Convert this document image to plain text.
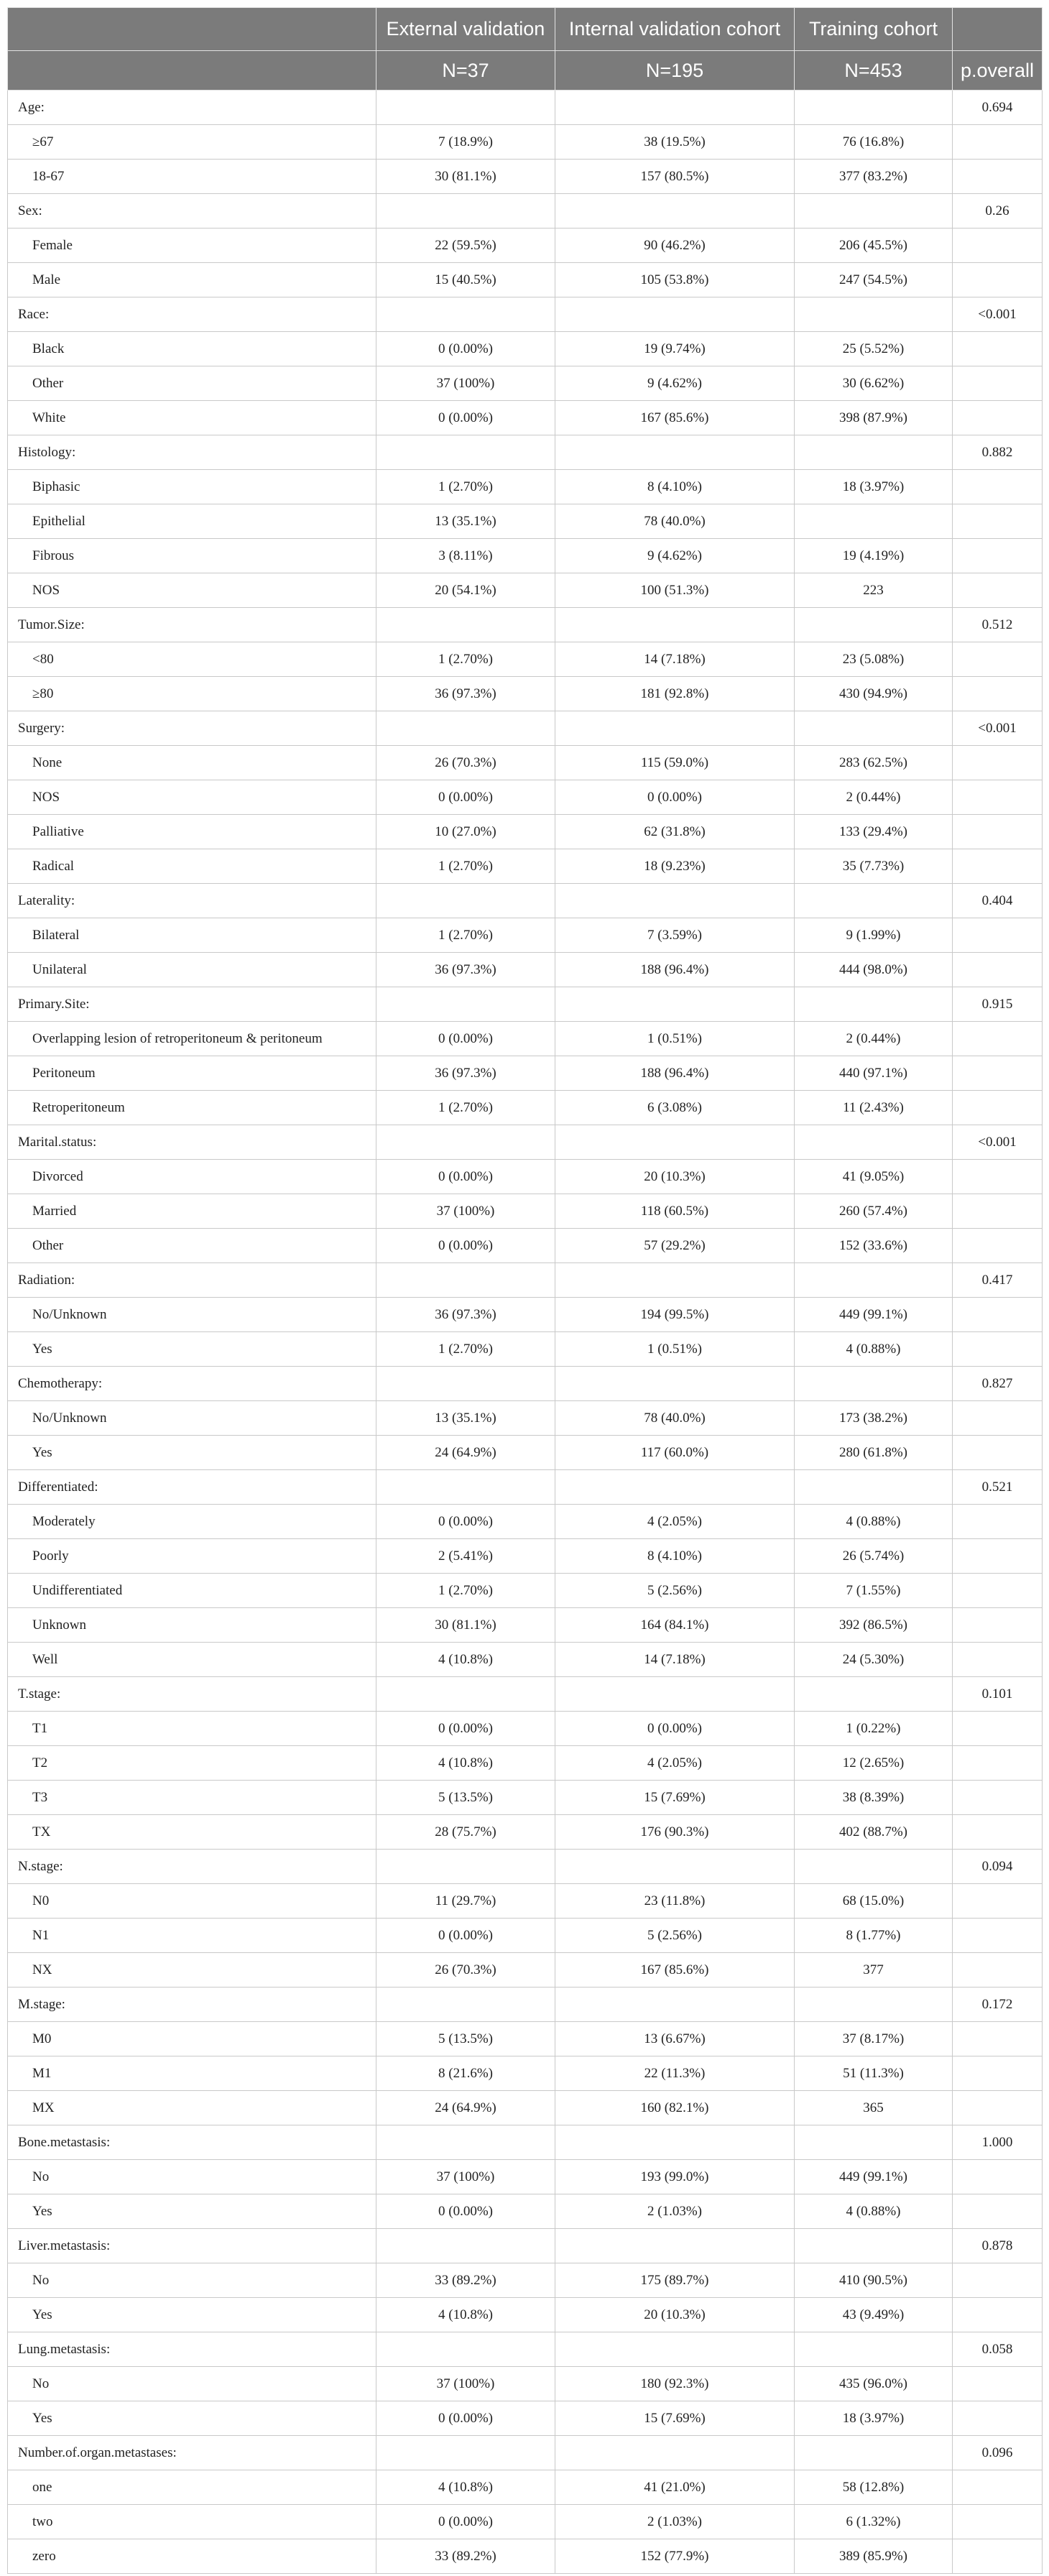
	External validation	Internal validation cohort	Training cohort	
	N=37	N=195	N=453	p.overall
Age:				0.694
≥67	7 (18.9%)	38 (19.5%)	76 (16.8%)	
18-67	30 (81.1%)	157 (80.5%)	377 (83.2%)	
Sex:				0.26
Female	22 (59.5%)	90 (46.2%)	206 (45.5%)	
Male	15 (40.5%)	105 (53.8%)	247 (54.5%)	
Race:				<0.001
Black	0 (0.00%)	19 (9.74%)	25 (5.52%)	
Other	37 (100%)	9 (4.62%)	30 (6.62%)	
White	0 (0.00%)	167 (85.6%)	398 (87.9%)	
Histology:				0.882
Biphasic	1 (2.70%)	8 (4.10%)	18 (3.97%)	
Epithelial	13 (35.1%)	78 (40.0%)		
Fibrous	3 (8.11%)	9 (4.62%)	19 (4.19%)	
NOS	20 (54.1%)	100 (51.3%)	223	
Tumor.Size:				0.512
<80	1 (2.70%)	14 (7.18%)	23 (5.08%)	
≥80	36 (97.3%)	181 (92.8%)	430 (94.9%)	
Surgery:				<0.001
None	26 (70.3%)	115 (59.0%)	283 (62.5%)	
NOS	0 (0.00%)	0 (0.00%)	2 (0.44%)	
Palliative	10 (27.0%)	62 (31.8%)	133 (29.4%)	
Radical	1 (2.70%)	18 (9.23%)	35 (7.73%)	
Laterality:				0.404
Bilateral	1 (2.70%)	7 (3.59%)	9 (1.99%)	
Unilateral	36 (97.3%)	188 (96.4%)	444 (98.0%)	
Primary.Site:				0.915
Overlapping lesion of retroperitoneum & peritoneum	0 (0.00%)	1 (0.51%)	2 (0.44%)	
Peritoneum	36 (97.3%)	188 (96.4%)	440 (97.1%)	
Retroperitoneum	1 (2.70%)	6 (3.08%)	11 (2.43%)	
Marital.status:				<0.001
Divorced	0 (0.00%)	20 (10.3%)	41 (9.05%)	
Married	37 (100%)	118 (60.5%)	260 (57.4%)	
Other	0 (0.00%)	57 (29.2%)	152 (33.6%)	
Radiation:				0.417
No/Unknown	36 (97.3%)	194 (99.5%)	449 (99.1%)	
Yes	1 (2.70%)	1 (0.51%)	4 (0.88%)	
Chemotherapy:				0.827
No/Unknown	13 (35.1%)	78 (40.0%)	173 (38.2%)	
Yes	24 (64.9%)	117 (60.0%)	280 (61.8%)	
Differentiated:				0.521
Moderately	0 (0.00%)	4 (2.05%)	4 (0.88%)	
Poorly	2 (5.41%)	8 (4.10%)	26 (5.74%)	
Undifferentiated	1 (2.70%)	5 (2.56%)	7 (1.55%)	
Unknown	30 (81.1%)	164 (84.1%)	392 (86.5%)	
Well	4 (10.8%)	14 (7.18%)	24 (5.30%)	
T.stage:				0.101
T1	0 (0.00%)	0 (0.00%)	1 (0.22%)	
T2	4 (10.8%)	4 (2.05%)	12 (2.65%)	
T3	5 (13.5%)	15 (7.69%)	38 (8.39%)	
TX	28 (75.7%)	176 (90.3%)	402 (88.7%)	
N.stage:				0.094
N0	11 (29.7%)	23 (11.8%)	68 (15.0%)	
N1	0 (0.00%)	5 (2.56%)	8 (1.77%)	
NX	26 (70.3%)	167 (85.6%)	377	
M.stage:				0.172
M0	5 (13.5%)	13 (6.67%)	37 (8.17%)	
M1	8 (21.6%)	22 (11.3%)	51 (11.3%)	
MX	24 (64.9%)	160 (82.1%)	365	
Bone.metastasis:				1.000
No	37 (100%)	193 (99.0%)	449 (99.1%)	
Yes	0 (0.00%)	2 (1.03%)	4 (0.88%)	
Liver.metastasis:				0.878
No	33 (89.2%)	175 (89.7%)	410 (90.5%)	
Yes	4 (10.8%)	20 (10.3%)	43 (9.49%)	
Lung.metastasis:				0.058
No	37 (100%)	180 (92.3%)	435 (96.0%)	
Yes	0 (0.00%)	15 (7.69%)	18 (3.97%)	
Number.of.organ.metastases:				0.096
one	4 (10.8%)	41 (21.0%)	58 (12.8%)	
two	0 (0.00%)	2 (1.03%)	6 (1.32%)	
zero	33 (89.2%)	152 (77.9%)	389 (85.9%)	
